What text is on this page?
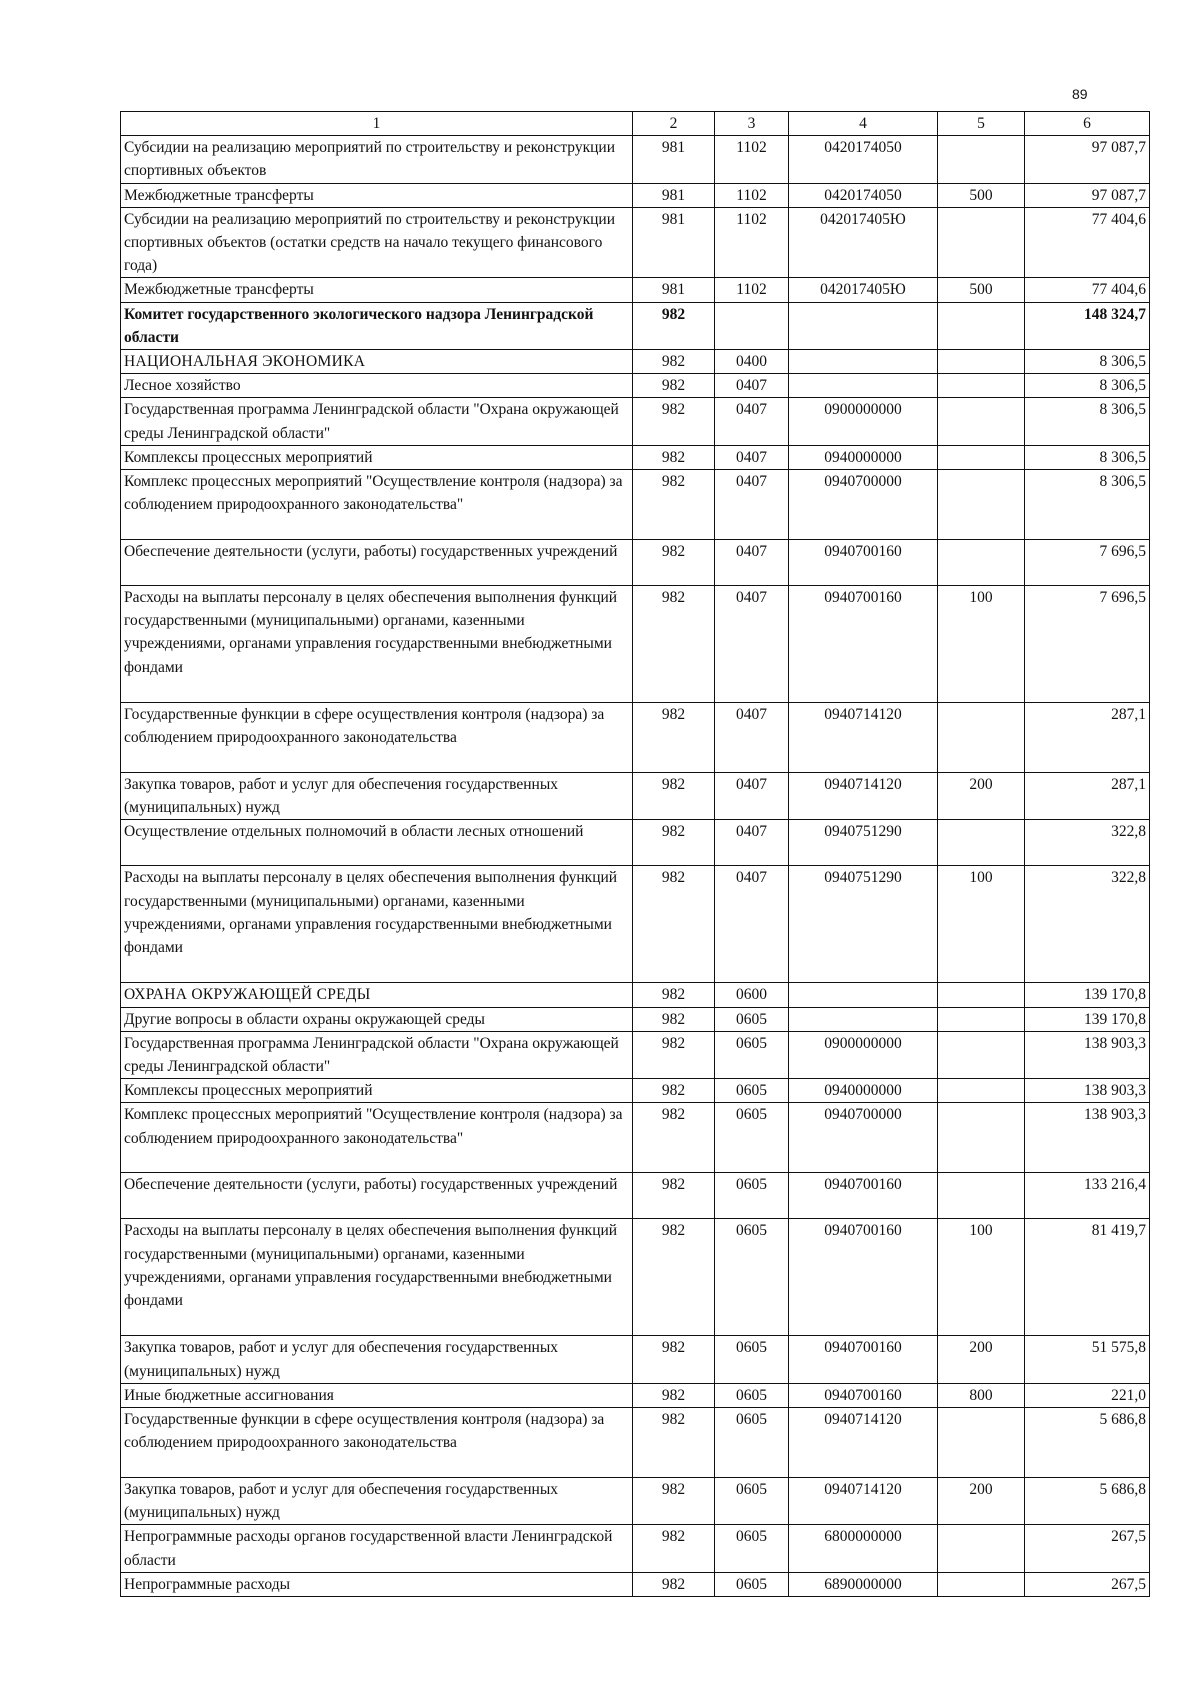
89
1	2	3	4	5	6
Субсидии на реализацию мероприятий по строительству и реконструкции спортивных объектов	981	1102	0420174050		97 087,7
Межбюджетные трансферты	981	1102	0420174050	500	97 087,7
Субсидии на реализацию мероприятий по строительству и реконструкции спортивных объектов (остатки средств на начало текущего финансового года)	981	1102	042017405Ю		77 404,6
Межбюджетные трансферты	981	1102	042017405Ю	500	77 404,6
Комитет государственного экологического надзора Ленинградской области	982				148 324,7
НАЦИОНАЛЬНАЯ ЭКОНОМИКА	982	0400			8 306,5
Лесное хозяйство	982	0407			8 306,5
Государственная программа Ленинградской области "Охрана окружающей среды Ленинградской области"	982	0407	0900000000		8 306,5
Комплексы процессных мероприятий	982	0407	0940000000		8 306,5
Комплекс процессных мероприятий "Осуществление контроля (надзора) за соблюдением природоохранного законодательства"	982	0407	0940700000		8 306,5
Обеспечение деятельности (услуги, работы) государственных учреждений	982	0407	0940700160		7 696,5
Расходы на выплаты персоналу в целях обеспечения выполнения функций государственными (муниципальными) органами, казенными учреждениями, органами управления государственными внебюджетными фондами	982	0407	0940700160	100	7 696,5
Государственные функции в сфере осуществления контроля (надзора) за соблюдением природоохранного законодательства	982	0407	0940714120		287,1
Закупка товаров, работ и услуг для обеспечения государственных (муниципальных) нужд	982	0407	0940714120	200	287,1
Осуществление отдельных полномочий в области лесных отношений	982	0407	0940751290		322,8
Расходы на выплаты персоналу в целях обеспечения выполнения функций государственными (муниципальными) органами, казенными учреждениями, органами управления государственными внебюджетными фондами	982	0407	0940751290	100	322,8
ОХРАНА ОКРУЖАЮЩЕЙ СРЕДЫ	982	0600			139 170,8
Другие вопросы в области охраны окружающей среды	982	0605			139 170,8
Государственная программа Ленинградской области "Охрана окружающей среды Ленинградской области"	982	0605	0900000000		138 903,3
Комплексы процессных мероприятий	982	0605	0940000000		138 903,3
Комплекс процессных мероприятий "Осуществление контроля (надзора) за соблюдением природоохранного законодательства"	982	0605	0940700000		138 903,3
Обеспечение деятельности (услуги, работы) государственных учреждений	982	0605	0940700160		133 216,4
Расходы на выплаты персоналу в целях обеспечения выполнения функций государственными (муниципальными) органами, казенными учреждениями, органами управления государственными внебюджетными фондами	982	0605	0940700160	100	81 419,7
Закупка товаров, работ и услуг для обеспечения государственных (муниципальных) нужд	982	0605	0940700160	200	51 575,8
Иные бюджетные ассигнования	982	0605	0940700160	800	221,0
Государственные функции в сфере осуществления контроля (надзора) за соблюдением природоохранного законодательства	982	0605	0940714120		5 686,8
Закупка товаров, работ и услуг для обеспечения государственных (муниципальных) нужд	982	0605	0940714120	200	5 686,8
Непрограммные расходы органов государственной власти Ленинградской области	982	0605	6800000000		267,5
Непрограммные расходы	982	0605	6890000000		267,5
